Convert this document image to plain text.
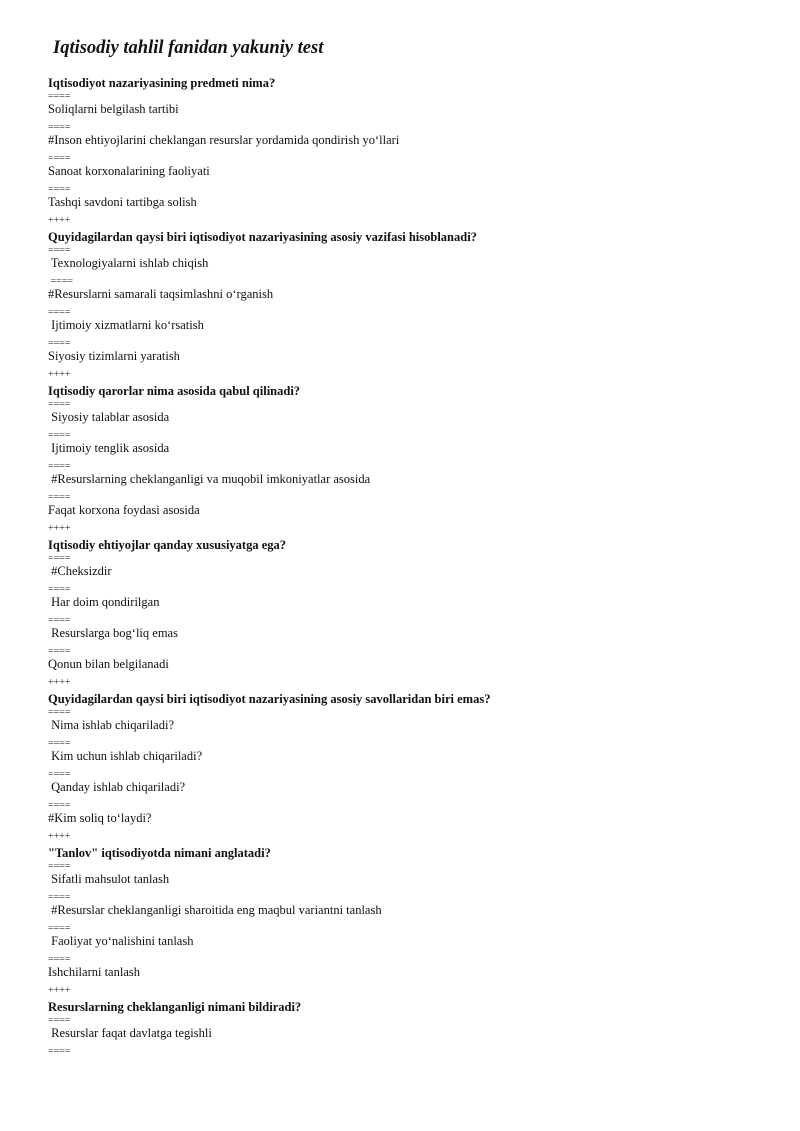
Iqtisodiy tahlil fanidan yakuniy test
Iqtisodiyot nazariyasining predmeti nima?
====
Soliqlarni belgilash tartibi
====
#Inson ehtiyojlarini cheklangan resurslar yordamida qondirish yo‘llari
====
Sanoat korxonalarining faoliyati
====
Tashqi savdoni tartibga solish
++++
Quyidagilardan qaysi biri iqtisodiyot nazariyasining asosiy vazifasi hisoblanadi?
====
Texnologiyalarni ishlab chiqish
====
#Resurslarni samarali taqsimlashni o‘rganish
====
Ijtimoiy xizmatlarni ko‘rsatish
====
Siyosiy tizimlarni yaratish
++++
Iqtisodiy qarorlar nima asosida qabul qilinadi?
====
Siyosiy talablar asosida
====
Ijtimoiy tenglik asosida
====
#Resurslarning cheklanganligi va muqobil imkoniyatlar asosida
====
Faqat korxona foydasi asosida
++++
Iqtisodiy ehtiyojlar qanday xususiyatga ega?
====
#Cheksizdir
====
Har doim qondirilgan
====
Resurslarga bog‘liq emas
====
Qonun bilan belgilanadi
++++
Quyidagilardan qaysi biri iqtisodiyot nazariyasining asosiy savollaridan biri emas?
====
Nima ishlab chiqariladi?
====
Kim uchun ishlab chiqariladi?
====
Qanday ishlab chiqariladi?
====
#Kim soliq to‘laydi?
++++
"Tanlov" iqtisodiyotda nimani anglatadi?
====
Sifatli mahsulot tanlash
====
#Resurslar cheklanganligi sharoitida eng maqbul variantni tanlash
====
Faoliyat yo‘nalishini tanlash
====
Ishchilarni tanlash
++++
Resurslarning cheklanganligi nimani bildiradi?
====
Resurslar faqat davlatga tegishli
====
